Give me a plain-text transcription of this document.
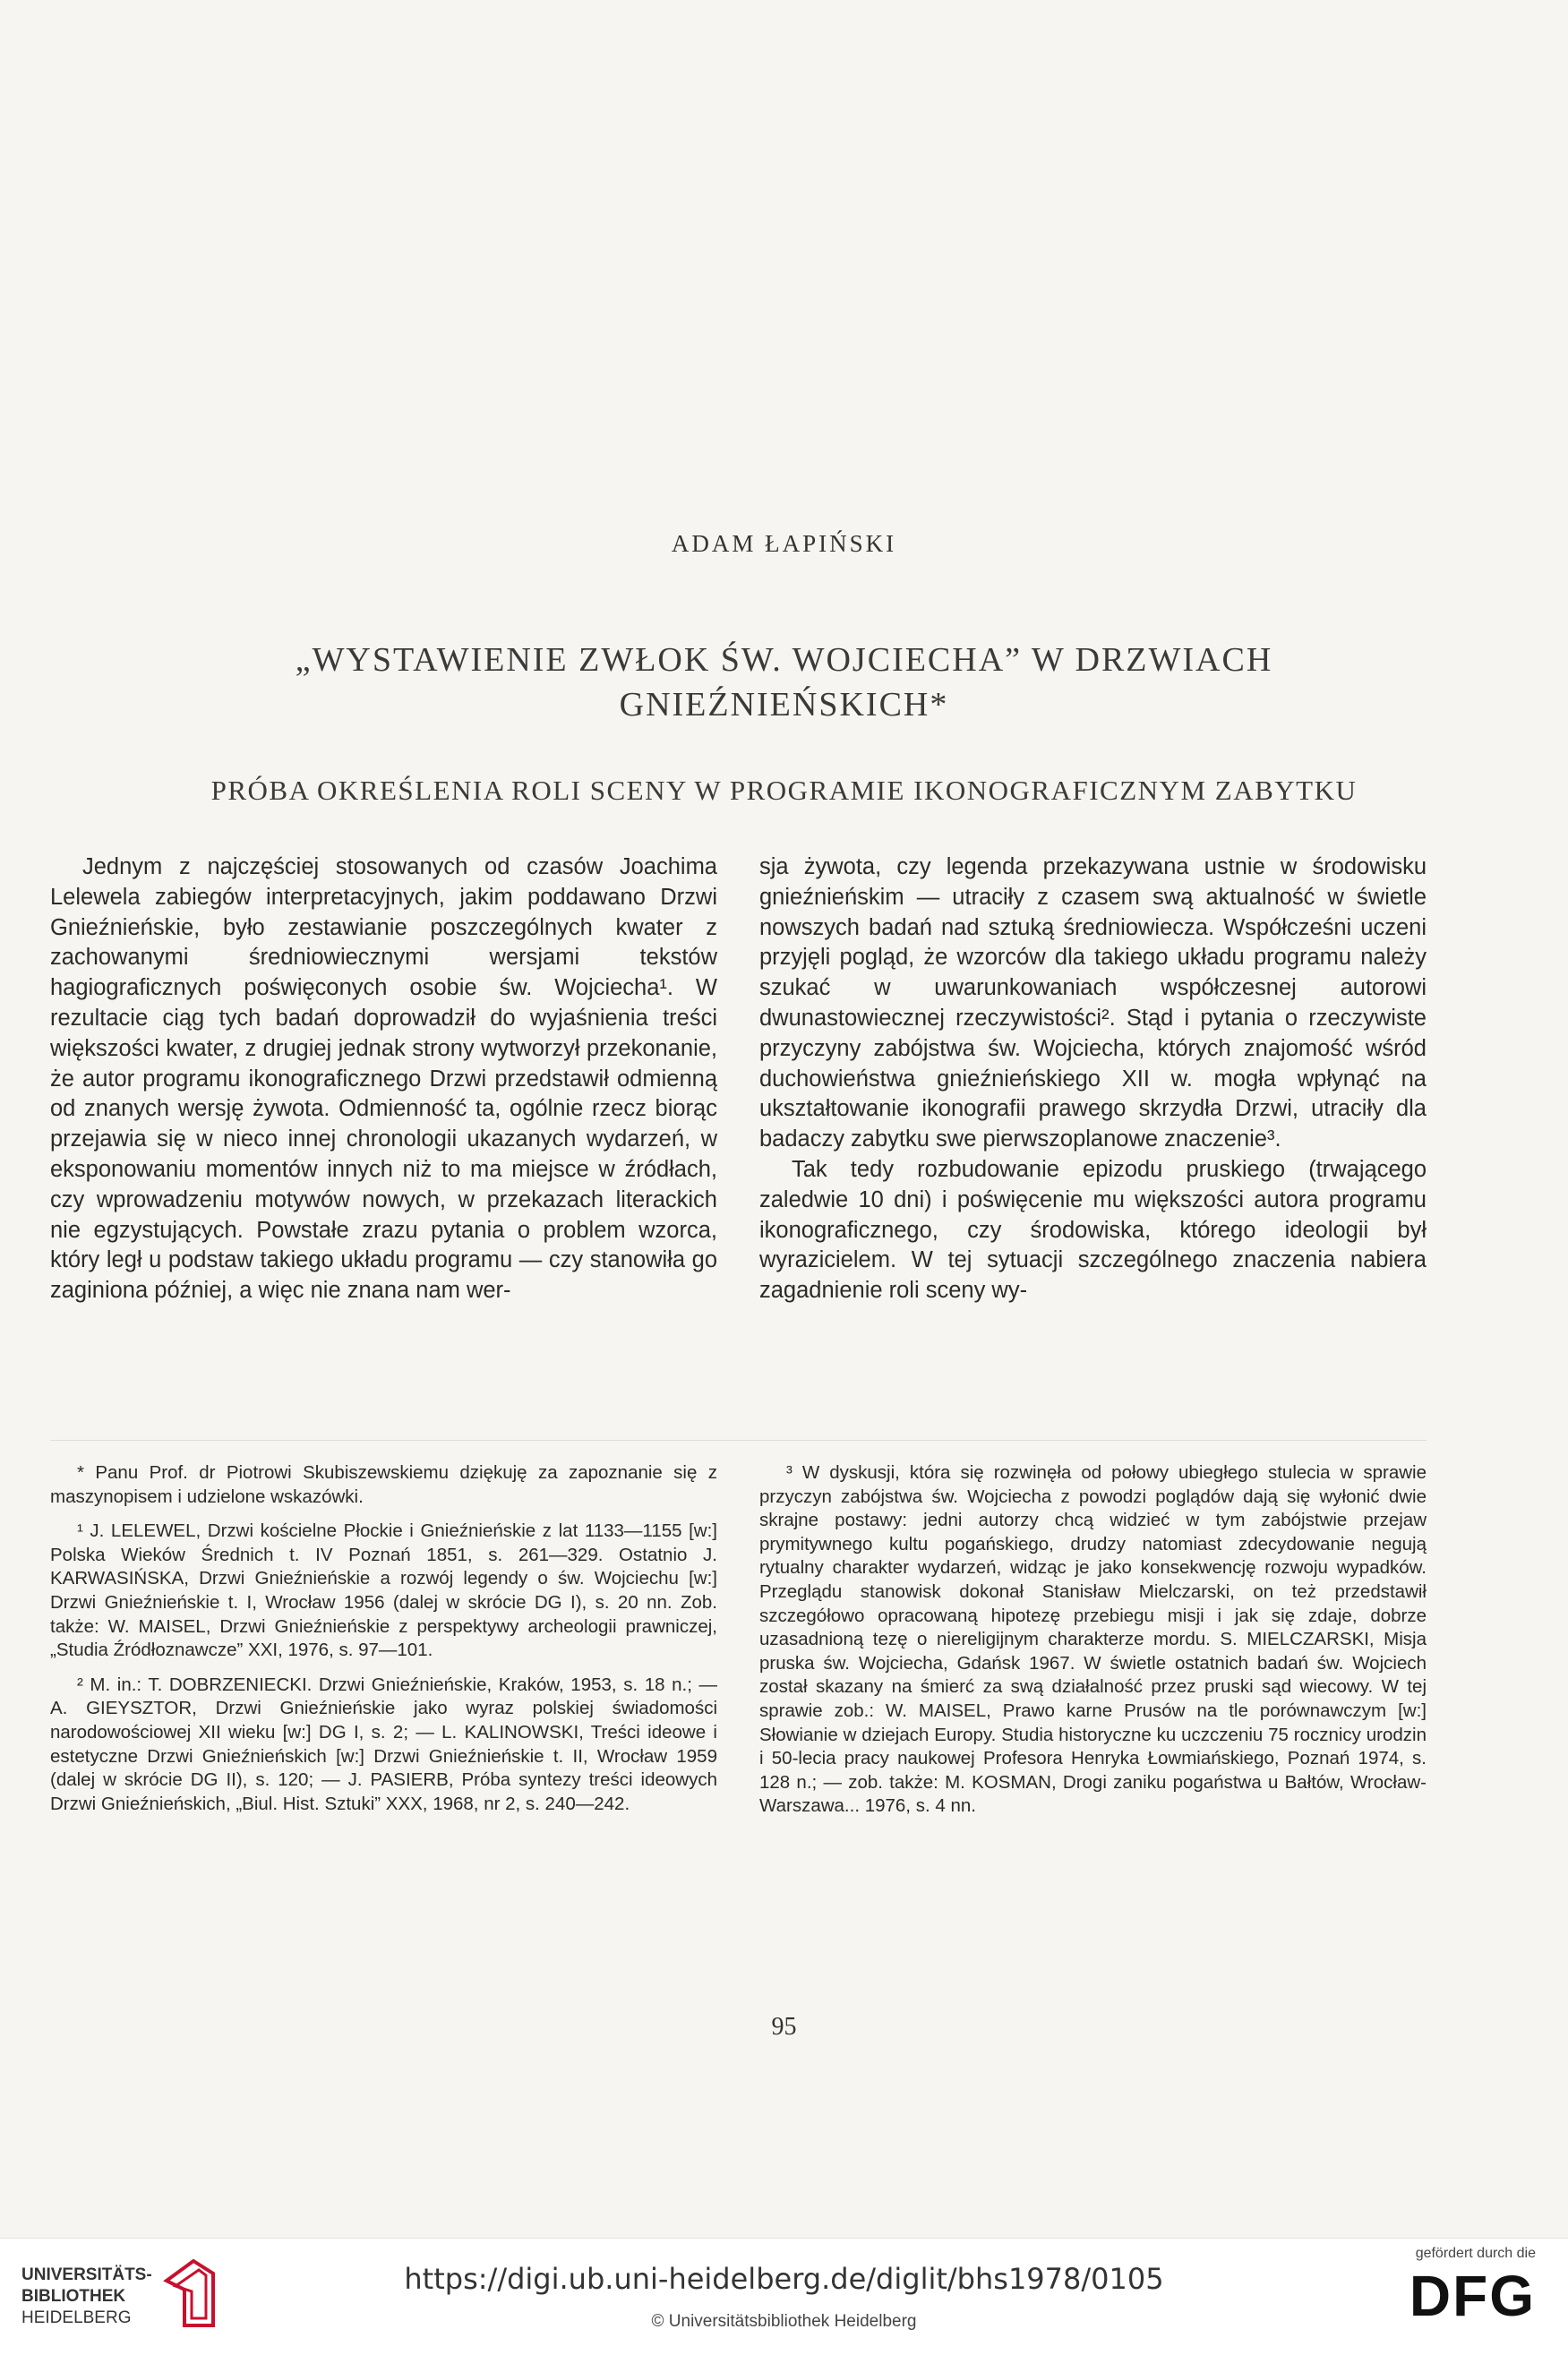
ADAM ŁAPIŃSKI
„WYSTAWIENIE ZWŁOK ŚW. WOJCIECHA” W DRZWIACH
GNIEŹNIEŃSKICH*
PRÓBA OKREŚLENIA ROLI SCENY W PROGRAMIE IKONOGRAFICZNYM ZABYTKU

Jednym z najczęściej stosowanych od czasów Joachima Lelewela zabiegów interpretacyjnych, jakim poddawano Drzwi Gnieźnieńskie, było zestawianie poszczególnych kwater z zachowanymi średniowiecznymi wersjami tekstów hagiograficznych poświęconych osobie św. Wojciecha¹. W rezultacie ciąg tych badań doprowadził do wyjaśnienia treści większości kwater, z drugiej jednak strony wytworzył przekonanie, że autor programu ikonograficznego Drzwi przedstawił odmienną od znanych wersję żywota. Odmienność ta, ogólnie rzecz biorąc przejawia się w nieco innej chronologii ukazanych wydarzeń, w eksponowaniu momentów innych niż to ma miejsce w źródłach, czy wprowadzeniu motywów nowych, w przekazach literackich nie egzystujących. Powstałe zrazu pytania o problem wzorca, który legł u podstaw takiego układu programu — czy stanowiła go zaginiona później, a więc nie znana nam wer-

sja żywota, czy legenda przekazywana ustnie w środowisku gnieźnieńskim — utraciły z czasem swą aktualność w świetle nowszych badań nad sztuką średniowiecza. Współcześni uczeni przyjęli pogląd, że wzorców dla takiego układu programu należy szukać w uwarunkowaniach współczesnej autorowi dwunastowiecznej rzeczywistości². Stąd i pytania o rzeczywiste przyczyny zabójstwa św. Wojciecha, których znajomość wśród duchowieństwa gnieźnieńskiego XII w. mogła wpłynąć na ukształtowanie ikonografii prawego skrzydła Drzwi, utraciły dla badaczy zabytku swe pierwszoplanowe znaczenie³.

Tak tedy rozbudowanie epizodu pruskiego (trwającego zaledwie 10 dni) i poświęcenie mu większości autora programu ikonograficznego, czy środowiska, którego ideologii był wyrazicielem. W tej sytuacji szczególnego znaczenia nabiera zagadnienie roli sceny wy-

* Panu Prof. dr Piotrowi Skubiszewskiemu dziękuję za zapoznanie się z maszynopisem i udzielone wskazówki.

¹ J. LELEWEL, Drzwi kościelne Płockie i Gnieźnieńskie z lat 1133—1155 [w:] Polska Wieków Średnich t. IV Poznań 1851, s. 261—329. Ostatnio J. KARWASIŃSKA, Drzwi Gnieźnieńskie a rozwój legendy o św. Wojciechu [w:] Drzwi Gnieźnieńskie t. I, Wrocław 1956 (dalej w skrócie DG I), s. 20 nn. Zob. także: W. MAISEL, Drzwi Gnieźnieńskie z perspektywy archeologii prawniczej, „Studia Źródłoznawcze” XXI, 1976, s. 97—101.

² M. in.: T. DOBRZENIECKI. Drzwi Gnieźnieńskie, Kraków, 1953, s. 18 n.; — A. GIEYSZTOR, Drzwi Gnieźnieńskie jako wyraz polskiej świadomości narodowościowej XII wieku [w:] DG I, s. 2; — L. KALINOWSKI, Treści ideowe i estetyczne Drzwi Gnieźnieńskich [w:] Drzwi Gnieźnieńskie t. II, Wrocław 1959 (dalej w skrócie DG II), s. 120; — J. PASIERB, Próba syntezy treści ideowych Drzwi Gnieźnieńskich, „Biul. Hist. Sztuki” XXX, 1968, nr 2, s. 240—242.

³ W dyskusji, która się rozwinęła od połowy ubiegłego stulecia w sprawie przyczyn zabójstwa św. Wojciecha z powodzi poglądów dają się wyłonić dwie skrajne postawy: jedni autorzy chcą widzieć w tym zabójstwie przejaw prymitywnego kultu pogańskiego, drudzy natomiast zdecydowanie negują rytualny charakter wydarzeń, widząc je jako konsekwencję rozwoju wypadków. Przeglądu stanowisk dokonał Stanisław Mielczarski, on też przedstawił szczegółowo opracowaną hipotezę przebiegu misji i jak się zdaje, dobrze uzasadnioną tezę o niereligijnym charakterze mordu. S. MIELCZARSKI, Misja pruska św. Wojciecha, Gdańsk 1967. W świetle ostatnich badań św. Wojciech został skazany na śmierć za swą działalność przez pruski sąd wiecowy. W tej sprawie zob.: W. MAISEL, Prawo karne Prusów na tle porównawczym [w:] Słowianie w dziejach Europy. Studia historyczne ku uczczeniu 75 rocznicy urodzin i 50-lecia pracy naukowej Profesora Henryka Łowmiańskiego, Poznań 1974, s. 128 n.; — zob. także: M. KOSMAN, Drogi zaniku pogaństwa u Bałtów, Wrocław-Warszawa... 1976, s. 4 nn.

95
UNIVERSITÄTS-
BIBLIOTHEK
HEIDELBERG
https://digi.ub.uni-heidelberg.de/diglit/bhs1978/0105
© Universitätsbibliothek Heidelberg
gefördert durch die
DFG
